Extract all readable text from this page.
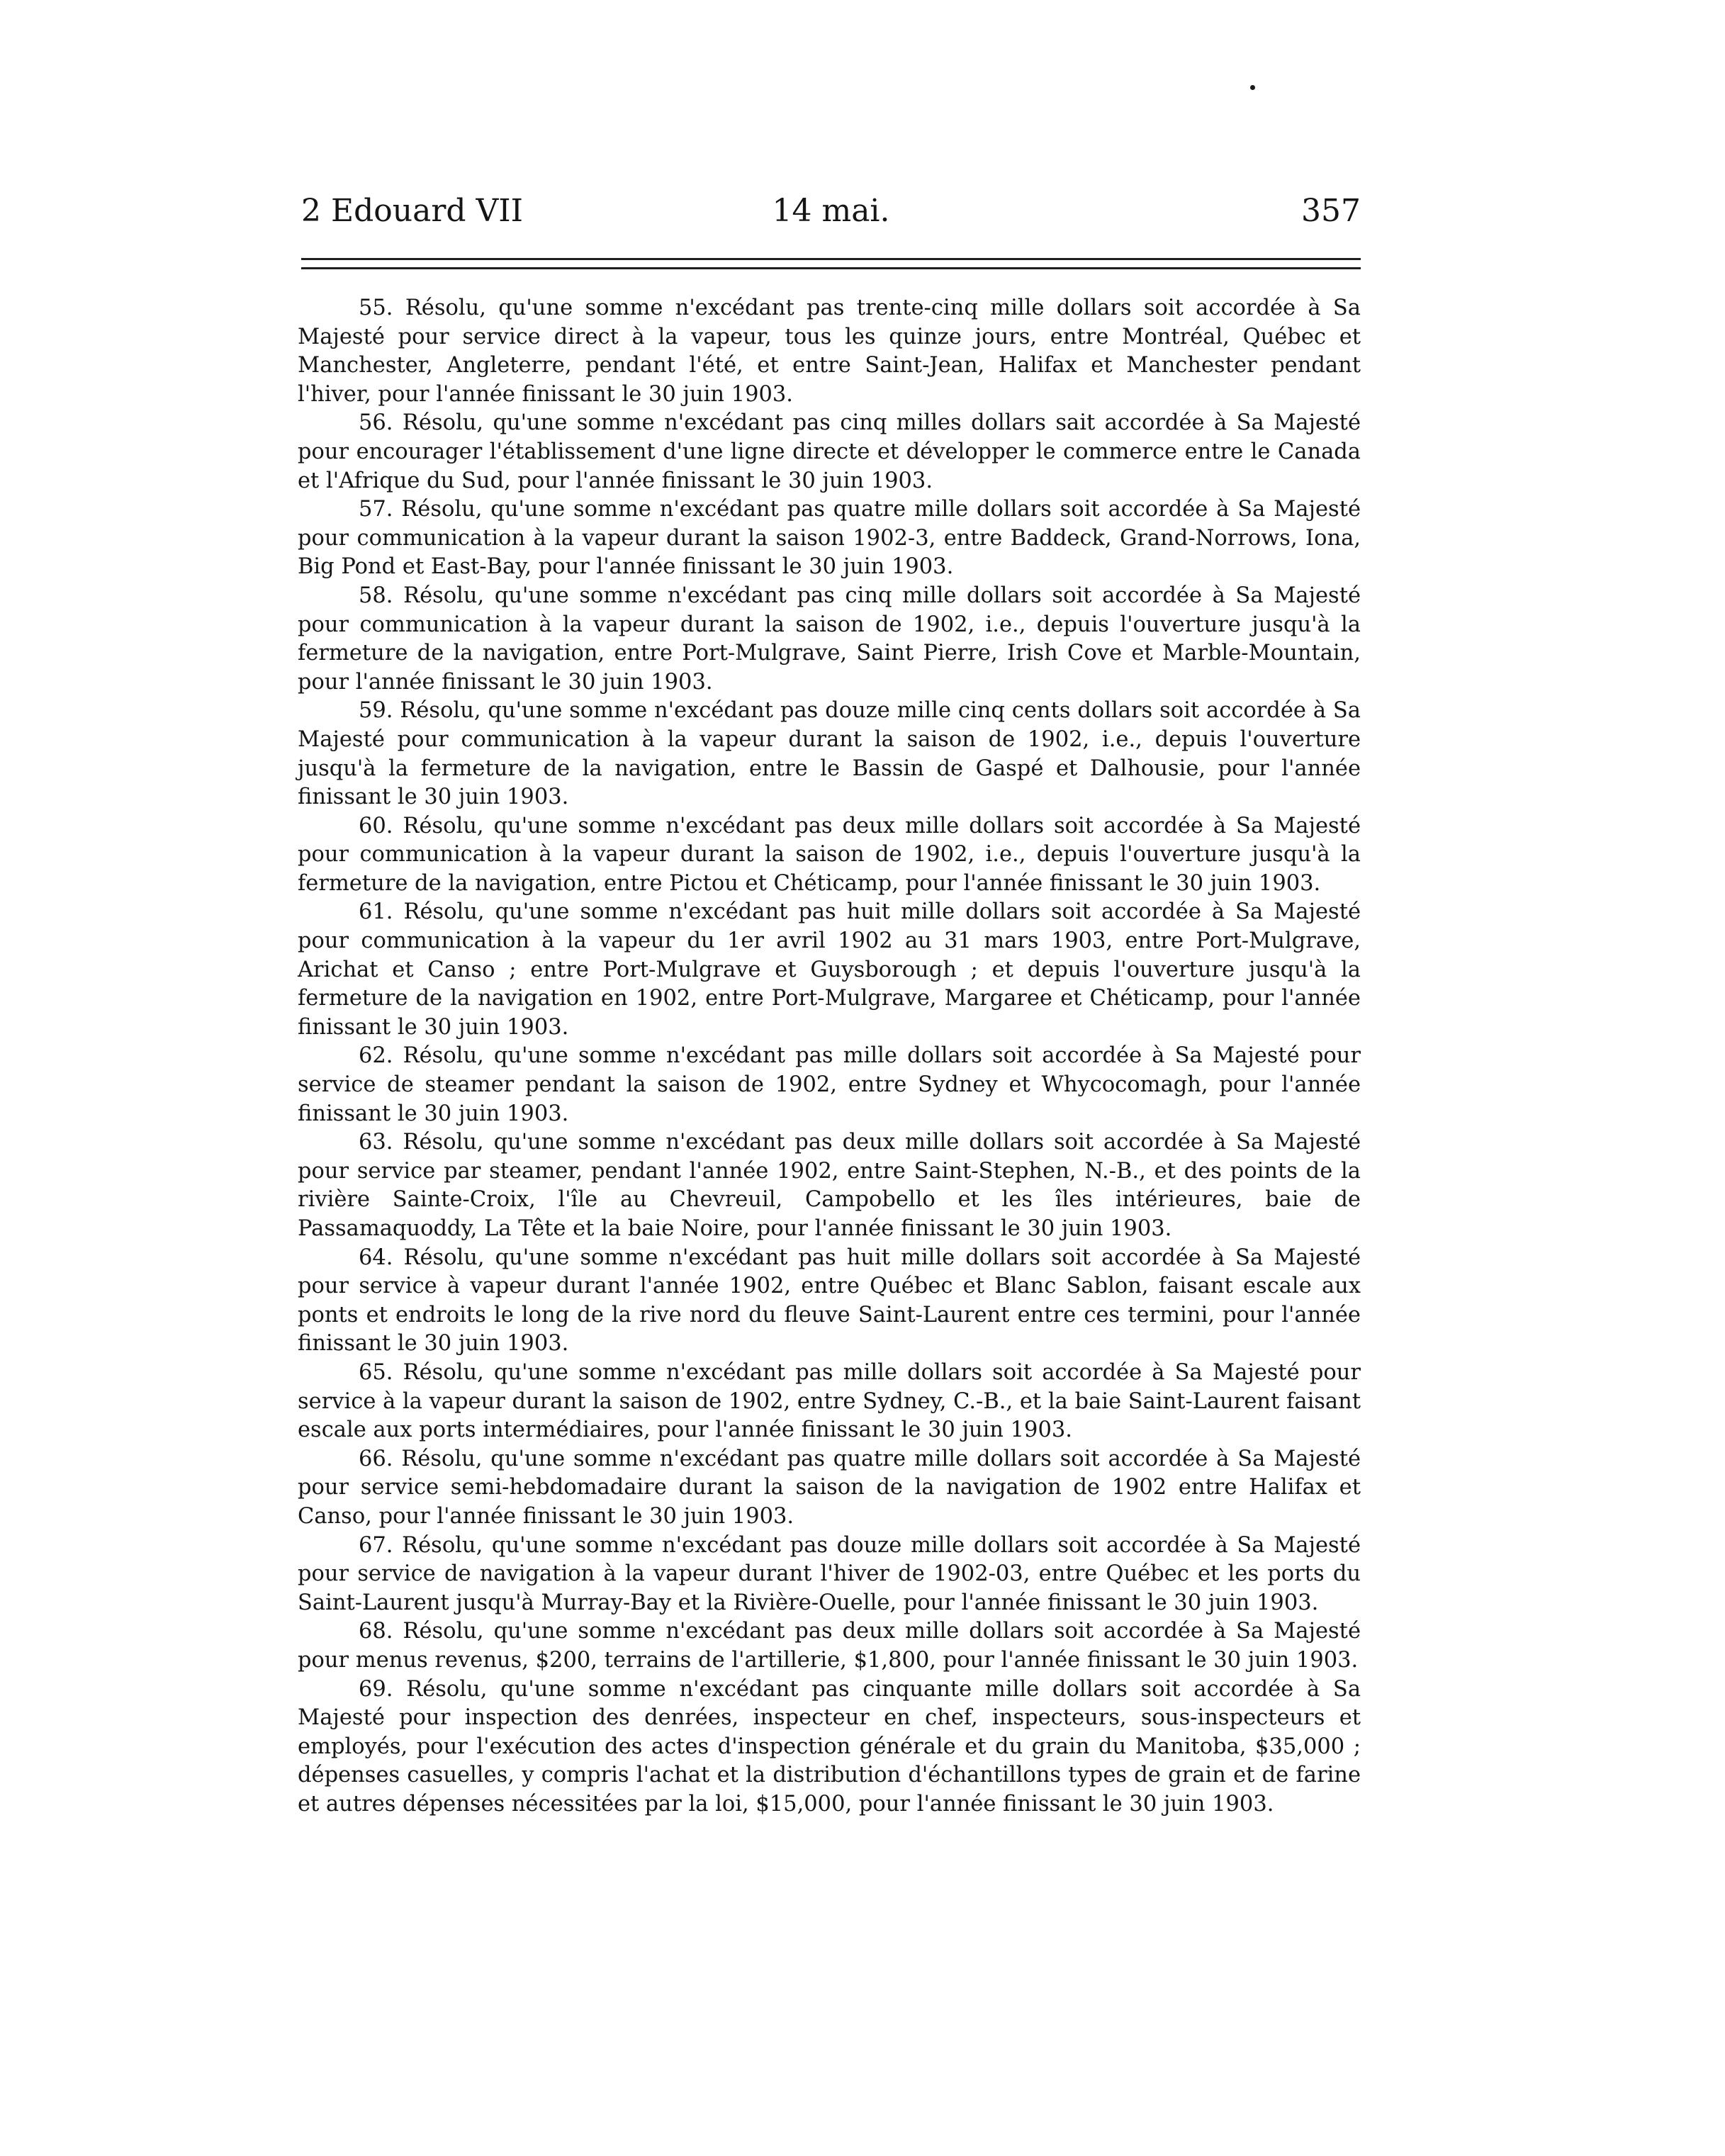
2 Edouard VII	14 mai.	357

55. Résolu, qu'une somme n'excédant pas trente-cinq mille dollars soit accordée à Sa Majesté pour service direct à la vapeur, tous les quinze jours, entre Montréal, Québec et Manchester, Angleterre, pendant l'été, et entre Saint-Jean, Halifax et Manchester pendant l'hiver, pour l'année finissant le 30 juin 1903.

56. Résolu, qu'une somme n'excédant pas cinq milles dollars sait accordée à Sa Majesté pour encourager l'établissement d'une ligne directe et développer le commerce entre le Canada et l'Afrique du Sud, pour l'année finissant le 30 juin 1903.

57. Résolu, qu'une somme n'excédant pas quatre mille dollars soit accordée à Sa Majesté pour communication à la vapeur durant la saison 1902-3, entre Baddeck, Grand-Norrows, Iona, Big Pond et East-Bay, pour l'année finissant le 30 juin 1903.

58. Résolu, qu'une somme n'excédant pas cinq mille dollars soit accordée à Sa Majesté pour communication à la vapeur durant la saison de 1902, i.e., depuis l'ouverture jusqu'à la fermeture de la navigation, entre Port-Mulgrave, Saint Pierre, Irish Cove et Marble-Mountain, pour l'année finissant le 30 juin 1903.

59. Résolu, qu'une somme n'excédant pas douze mille cinq cents dollars soit accordée à Sa Majesté pour communication à la vapeur durant la saison de 1902, i.e., depuis l'ouverture jusqu'à la fermeture de la navigation, entre le Bassin de Gaspé et Dalhousie, pour l'année finissant le 30 juin 1903.

60. Résolu, qu'une somme n'excédant pas deux mille dollars soit accordée à Sa Majesté pour communication à la vapeur durant la saison de 1902, i.e., depuis l'ouverture jusqu'à la fermeture de la navigation, entre Pictou et Chéticamp, pour l'année finissant le 30 juin 1903.

61. Résolu, qu'une somme n'excédant pas huit mille dollars soit accordée à Sa Majesté pour communication à la vapeur du 1er avril 1902 au 31 mars 1903, entre Port-Mulgrave, Arichat et Canso ; entre Port-Mulgrave et Guysborough ; et depuis l'ouverture jusqu'à la fermeture de la navigation en 1902, entre Port-Mulgrave, Margaree et Chéticamp, pour l'année finissant le 30 juin 1903.

62. Résolu, qu'une somme n'excédant pas mille dollars soit accordée à Sa Majesté pour service de steamer pendant la saison de 1902, entre Sydney et Whycocomagh, pour l'année finissant le 30 juin 1903.

63. Résolu, qu'une somme n'excédant pas deux mille dollars soit accordée à Sa Majesté pour service par steamer, pendant l'année 1902, entre Saint-Stephen, N.-B., et des points de la rivière Sainte-Croix, l'île au Chevreuil, Campobello et les îles intérieures, baie de Passamaquoddy, La Tête et la baie Noire, pour l'année finissant le 30 juin 1903.

64. Résolu, qu'une somme n'excédant pas huit mille dollars soit accordée à Sa Majesté pour service à vapeur durant l'année 1902, entre Québec et Blanc Sablon, faisant escale aux ponts et endroits le long de la rive nord du fleuve Saint-Laurent entre ces termini, pour l'année finissant le 30 juin 1903.

65. Résolu, qu'une somme n'excédant pas mille dollars soit accordée à Sa Majesté pour service à la vapeur durant la saison de 1902, entre Sydney, C.-B., et la baie Saint-Laurent faisant escale aux ports intermédiaires, pour l'année finissant le 30 juin 1903.

66. Résolu, qu'une somme n'excédant pas quatre mille dollars soit accordée à Sa Majesté pour service semi-hebdomadaire durant la saison de la navigation de 1902 entre Halifax et Canso, pour l'année finissant le 30 juin 1903.

67. Résolu, qu'une somme n'excédant pas douze mille dollars soit accordée à Sa Majesté pour service de navigation à la vapeur durant l'hiver de 1902-03, entre Québec et les ports du Saint-Laurent jusqu'à Murray-Bay et la Rivière-Ouelle, pour l'année finissant le 30 juin 1903.

68. Résolu, qu'une somme n'excédant pas deux mille dollars soit accordée à Sa Majesté pour menus revenus, $200, terrains de l'artillerie, $1,800, pour l'année finissant le 30 juin 1903.

69. Résolu, qu'une somme n'excédant pas cinquante mille dollars soit accordée à Sa Majesté pour inspection des denrées, inspecteur en chef, inspecteurs, sous-inspecteurs et employés, pour l'exécution des actes d'inspection générale et du grain du Manitoba, $35,000 ; dépenses casuelles, y compris l'achat et la distribution d'échantillons types de grain et de farine et autres dépenses nécessitées par la loi, $15,000, pour l'année finissant le 30 juin 1903.
